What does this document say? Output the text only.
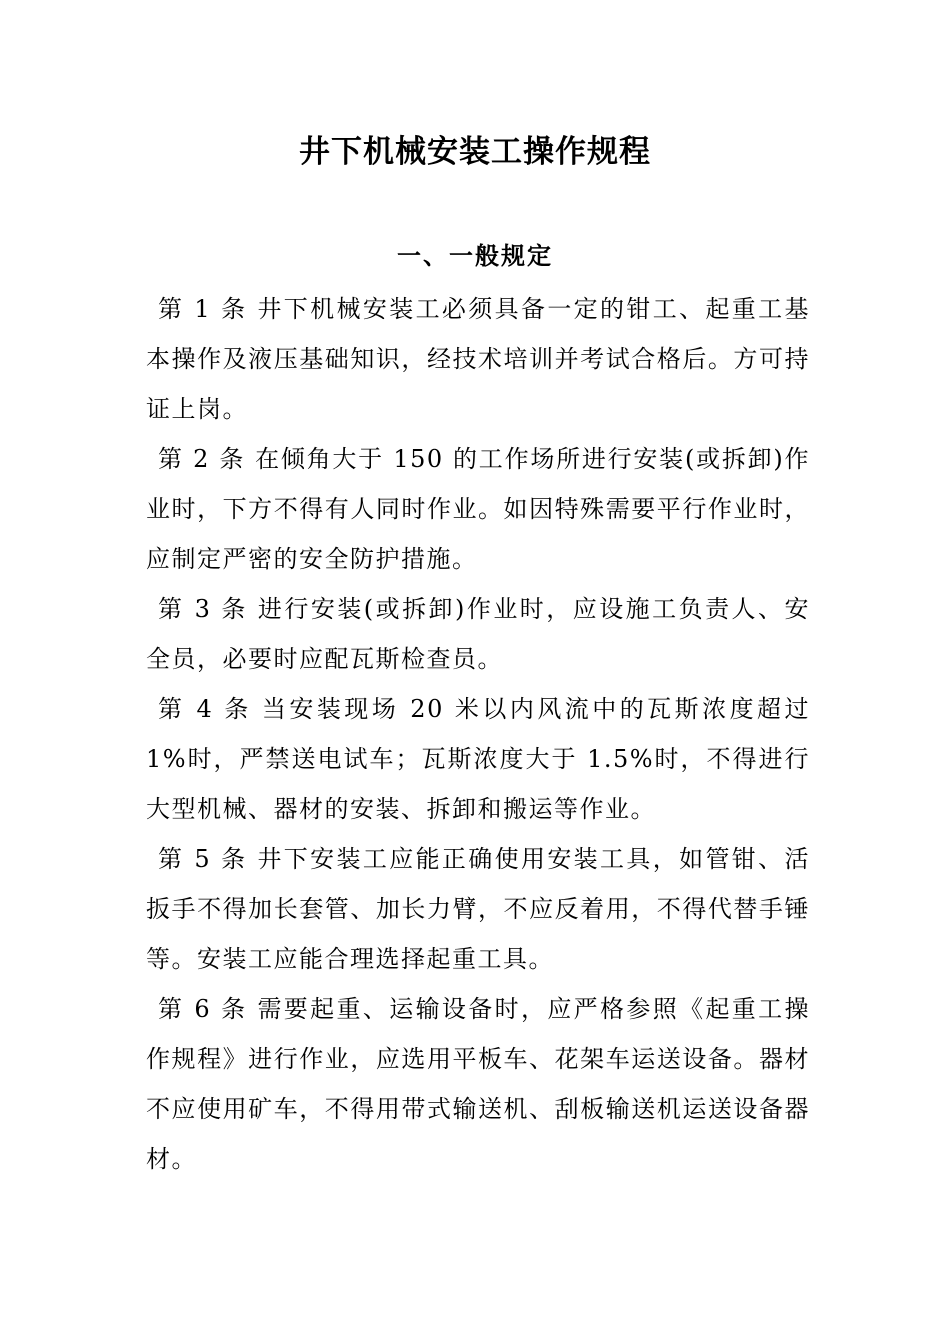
井下机械安装工操作规程
一、一般规定

第 1 条 井下机械安装工必须具备一定的钳工、起重工基本操作及液压基础知识，经技术培训并考试合格后。方可持证上岗。

第 2 条 在倾角大于 150 的工作场所进行安装(或拆卸)作业时，下方不得有人同时作业。如因特殊需要平行作业时，应制定严密的安全防护措施。

第 3 条 进行安装(或拆卸)作业时，应设施工负责人、安全员，必要时应配瓦斯检查员。

第 4 条 当安装现场 20 米以内风流中的瓦斯浓度超过 1%时，严禁送电试车；瓦斯浓度大于 1.5%时，不得进行大型机械、器材的安装、拆卸和搬运等作业。

第 5 条 井下安装工应能正确使用安装工具，如管钳、活扳手不得加长套管、加长力臂，不应反着用，不得代替手锤等。安装工应能合理选择起重工具。

第 6 条 需要起重、运输设备时，应严格参照《起重工操作规程》进行作业，应选用平板车、花架车运送设备。器材不应使用矿车，不得用带式输送机、刮板输送机运送设备器材。
